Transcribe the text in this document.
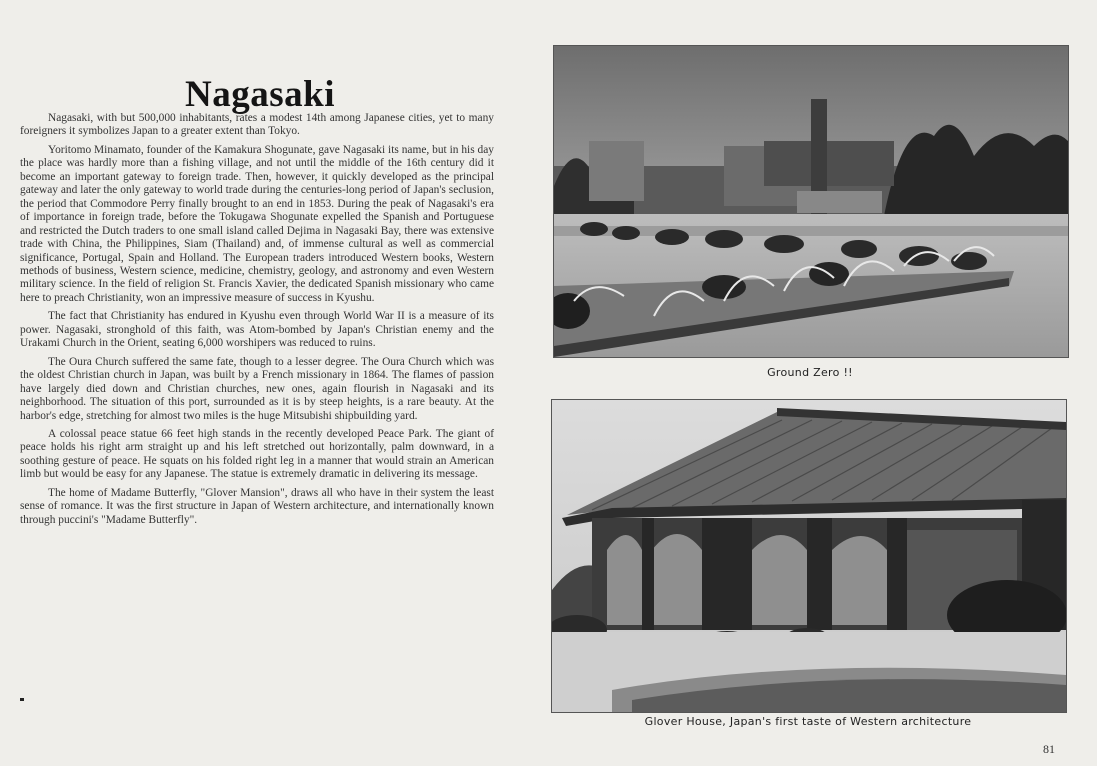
Nagasaki

Nagasaki, with but 500,000 inhabitants, rates a modest 14th among Japanese cities, yet to many foreigners it symbolizes Japan to a greater extent than Tokyo.

Yoritomo Minamato, founder of the Kamakura Shogunate, gave Nagasaki its name, but in his day the place was hardly more than a fishing village, and not until the middle of the 16th century did it become an important gateway to foreign trade. Then, however, it quickly developed as the principal gateway and later the only gateway to world trade during the centuries-long period of Japan's seclusion, the period that Commodore Perry finally brought to an end in 1853. During the peak of Nagasaki's era of importance in foreign trade, before the Tokugawa Shogunate expelled the Spanish and Portuguese and restricted the Dutch traders to one small island called Dejima in Nagasaki Bay, there was extensive trade with China, the Philippines, Siam (Thailand) and, of immense cultural as well as commercial significance, Portugal, Spain and Holland. The European traders introduced Western books, Western methods of business, Western science, medicine, chemistry, geology, and astronomy and even Western military science. In the field of religion St. Francis Xavier, the dedicated Spanish missionary who came here to preach Christianity, won an impressive measure of success in Kyushu.

The fact that Christianity has endured in Kyushu even through World War II is a measure of its power. Nagasaki, stronghold of this faith, was Atom-bombed by Japan's Christian enemy and the Urakami Church in the Orient, seating 6,000 worshipers was reduced to ruins.

The Oura Church suffered the same fate, though to a lesser degree. The Oura Church which was the oldest Christian church in Japan, was built by a French missionary in 1864. The flames of passion have largely died down and Christian churches, new ones, again flourish in Nagasaki and its neighborhood. The situation of this port, surrounded as it is by steep heights, is a rare beauty. At the harbor's edge, stretching for almost two miles is the huge Mitsubishi shipbuilding yard.

A colossal peace statue 66 feet high stands in the recently developed Peace Park. The giant of peace holds his right arm straight up and his left stretched out horizontally, palm downward, in a soothing gesture of peace. He squats on his folded right leg in a manner that would strain an American limb but would be easy for any Japanese. The statue is extremely dramatic in delivering its message.

The home of Madame Butterfly, "Glover Mansion", draws all who have in their system the least sense of romance. It was the first structure in Japan of Western architecture, and internationally known through puccini's "Madame Butterfly".

Ground Zero !!
Glover House, Japan's first taste of Western architecture
81
